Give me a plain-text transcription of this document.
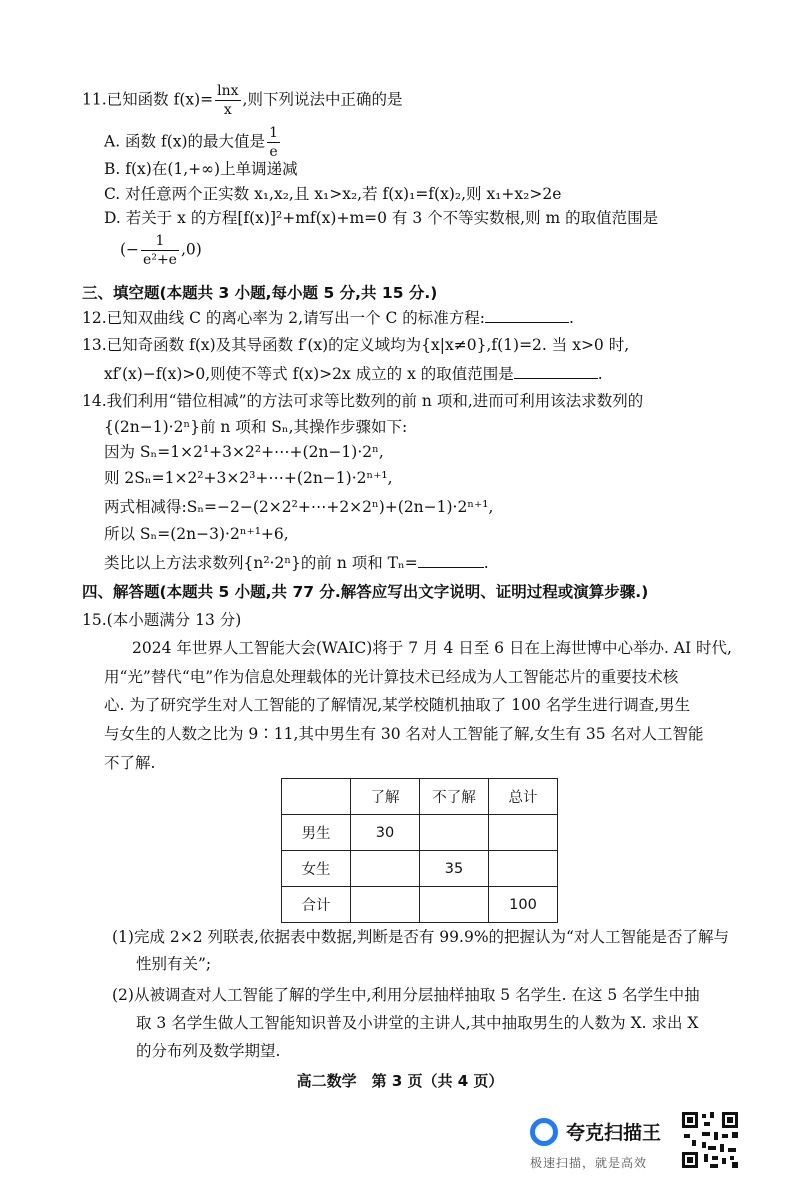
11.已知函数 $f(x)= \frac{\ln x}{x}$ ,则下列说法中正确的是
A. 函数 f(x)的最大值是 $\frac{1}{e}$
B. f(x)在(1,+∞)上单调递减
C. 对任意两个正实数 x₁,x₂,且 x₁>x₂,若 f(x)₁=f(x)₂,则 x₁+x₂>2e
D. 若关于 x 的方程[f(x)]²+mf(x)+m=0 有 3 个不等实数根,则 m 的取值范围是
(− $\frac{1}{\text{e²+e}} ,0$)
三、填空题(本题共 3 小题,每小题 5 分,共 15 分.)
12.已知双曲线 C 的离心率为 2,请写出一个 C 的标准方程:	.
13.已知奇函数 f(x)及其导函数 f′(x)的定义域均为{x|x≠0},f(1)=2. 当 x>0 时,
xf′(x)−f(x)>0,则使不等式 f(x)>2x 成立的 x 的取值范围是	.
14.我们利用“错位相减”的方法可求等比数列的前 n 项和,进而可利用该法求数列的
{(2n−1)·2ⁿ}前 n 项和 Sₙ,其操作步骤如下:
因为 Sₙ=1×2¹+3×2²+⋯+(2n−1)·2ⁿ,
则 2Sₙ=1×2²+3×2³+⋯+(2n−1)·2ⁿ⁺¹,
两式相减得:Sₙ=−2−(2×2²+⋯+2×2ⁿ)+(2n−1)·2ⁿ⁺¹,
所以 Sₙ=(2n−3)·2ⁿ⁺¹+6,
类比以上方法求数列{n²·2ⁿ}的前 n 项和 Tₙ=	.
四、解答题(本题共 5 小题,共 77 分.解答应写出文字说明、证明过程或演算步骤.)
15.(本小题满分 13 分)
2024 年世界人工智能大会(WAIC)将于 7 月 4 日至 6 日在上海世博中心举办. AI 时代,
用“光”替代“电”作为信息处理载体的光计算技术已经成为人工智能芯片的重要技术核
心. 为了研究学生对人工智能的了解情况,某学校随机抽取了 100 名学生进行调查,男生
与女生的人数之比为 9∶11,其中男生有 30 名对人工智能了解,女生有 35 名对人工智能
不了解.
	了解	不了解	总计
男生	30		
女生		35	
合计			100
(1)完成 2×2 列联表,依据表中数据,判断是否有 99.9%的把握认为“对人工智能是否了解与
性别有关”;
(2)从被调查对人工智能了解的学生中,利用分层抽样抽取 5 名学生. 在这 5 名学生中抽
取 3 名学生做人工智能知识普及小讲堂的主讲人,其中抽取男生的人数为 X. 求出 X
的分布列及数学期望.
高二数学　第 3 页（共 4 页）
夸克扫描王
极速扫描，就是高效
